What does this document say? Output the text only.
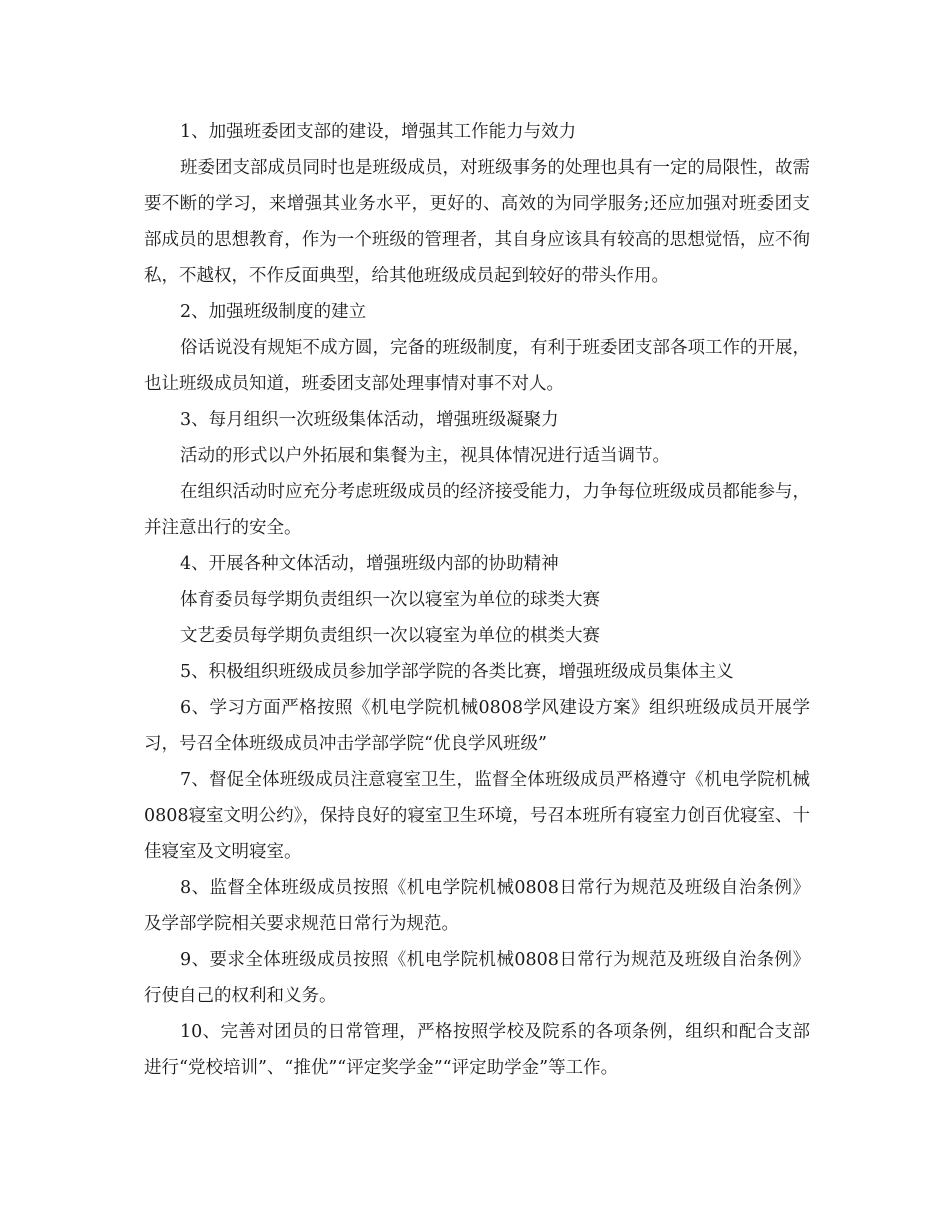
1、加强班委团支部的建设，增强其工作能力与效力

班委团支部成员同时也是班级成员，对班级事务的处理也具有一定的局限性，故需要不断的学习，来增强其业务水平，更好的、高效的为同学服务;还应加强对班委团支部成员的思想教育，作为一个班级的管理者，其自身应该具有较高的思想觉悟，应不徇私，不越权，不作反面典型，给其他班级成员起到较好的带头作用。

2、加强班级制度的建立

俗话说没有规矩不成方圆，完备的班级制度，有利于班委团支部各项工作的开展，也让班级成员知道，班委团支部处理事情对事不对人。

3、每月组织一次班级集体活动，增强班级凝聚力

活动的形式以户外拓展和集餐为主，视具体情况进行适当调节。

在组织活动时应充分考虑班级成员的经济接受能力，力争每位班级成员都能参与，并注意出行的安全。

4、开展各种文体活动，增强班级内部的协助精神

体育委员每学期负责组织一次以寝室为单位的球类大赛

文艺委员每学期负责组织一次以寝室为单位的棋类大赛

5、积极组织班级成员参加学部学院的各类比赛，增强班级成员集体主义

6、学习方面严格按照《机电学院机械0808学风建设方案》组织班级成员开展学习，号召全体班级成员冲击学部学院“优良学风班级”

7、督促全体班级成员注意寝室卫生，监督全体班级成员严格遵守《机电学院机械0808寝室文明公约》，保持良好的寝室卫生环境，号召本班所有寝室力创百优寝室、十佳寝室及文明寝室。

8、监督全体班级成员按照《机电学院机械0808日常行为规范及班级自治条例》及学部学院相关要求规范日常行为规范。

9、要求全体班级成员按照《机电学院机械0808日常行为规范及班级自治条例》行使自己的权利和义务。

10、完善对团员的日常管理，严格按照学校及院系的各项条例，组织和配合支部进行“党校培训”、“推优”“评定奖学金”“评定助学金”等工作。
